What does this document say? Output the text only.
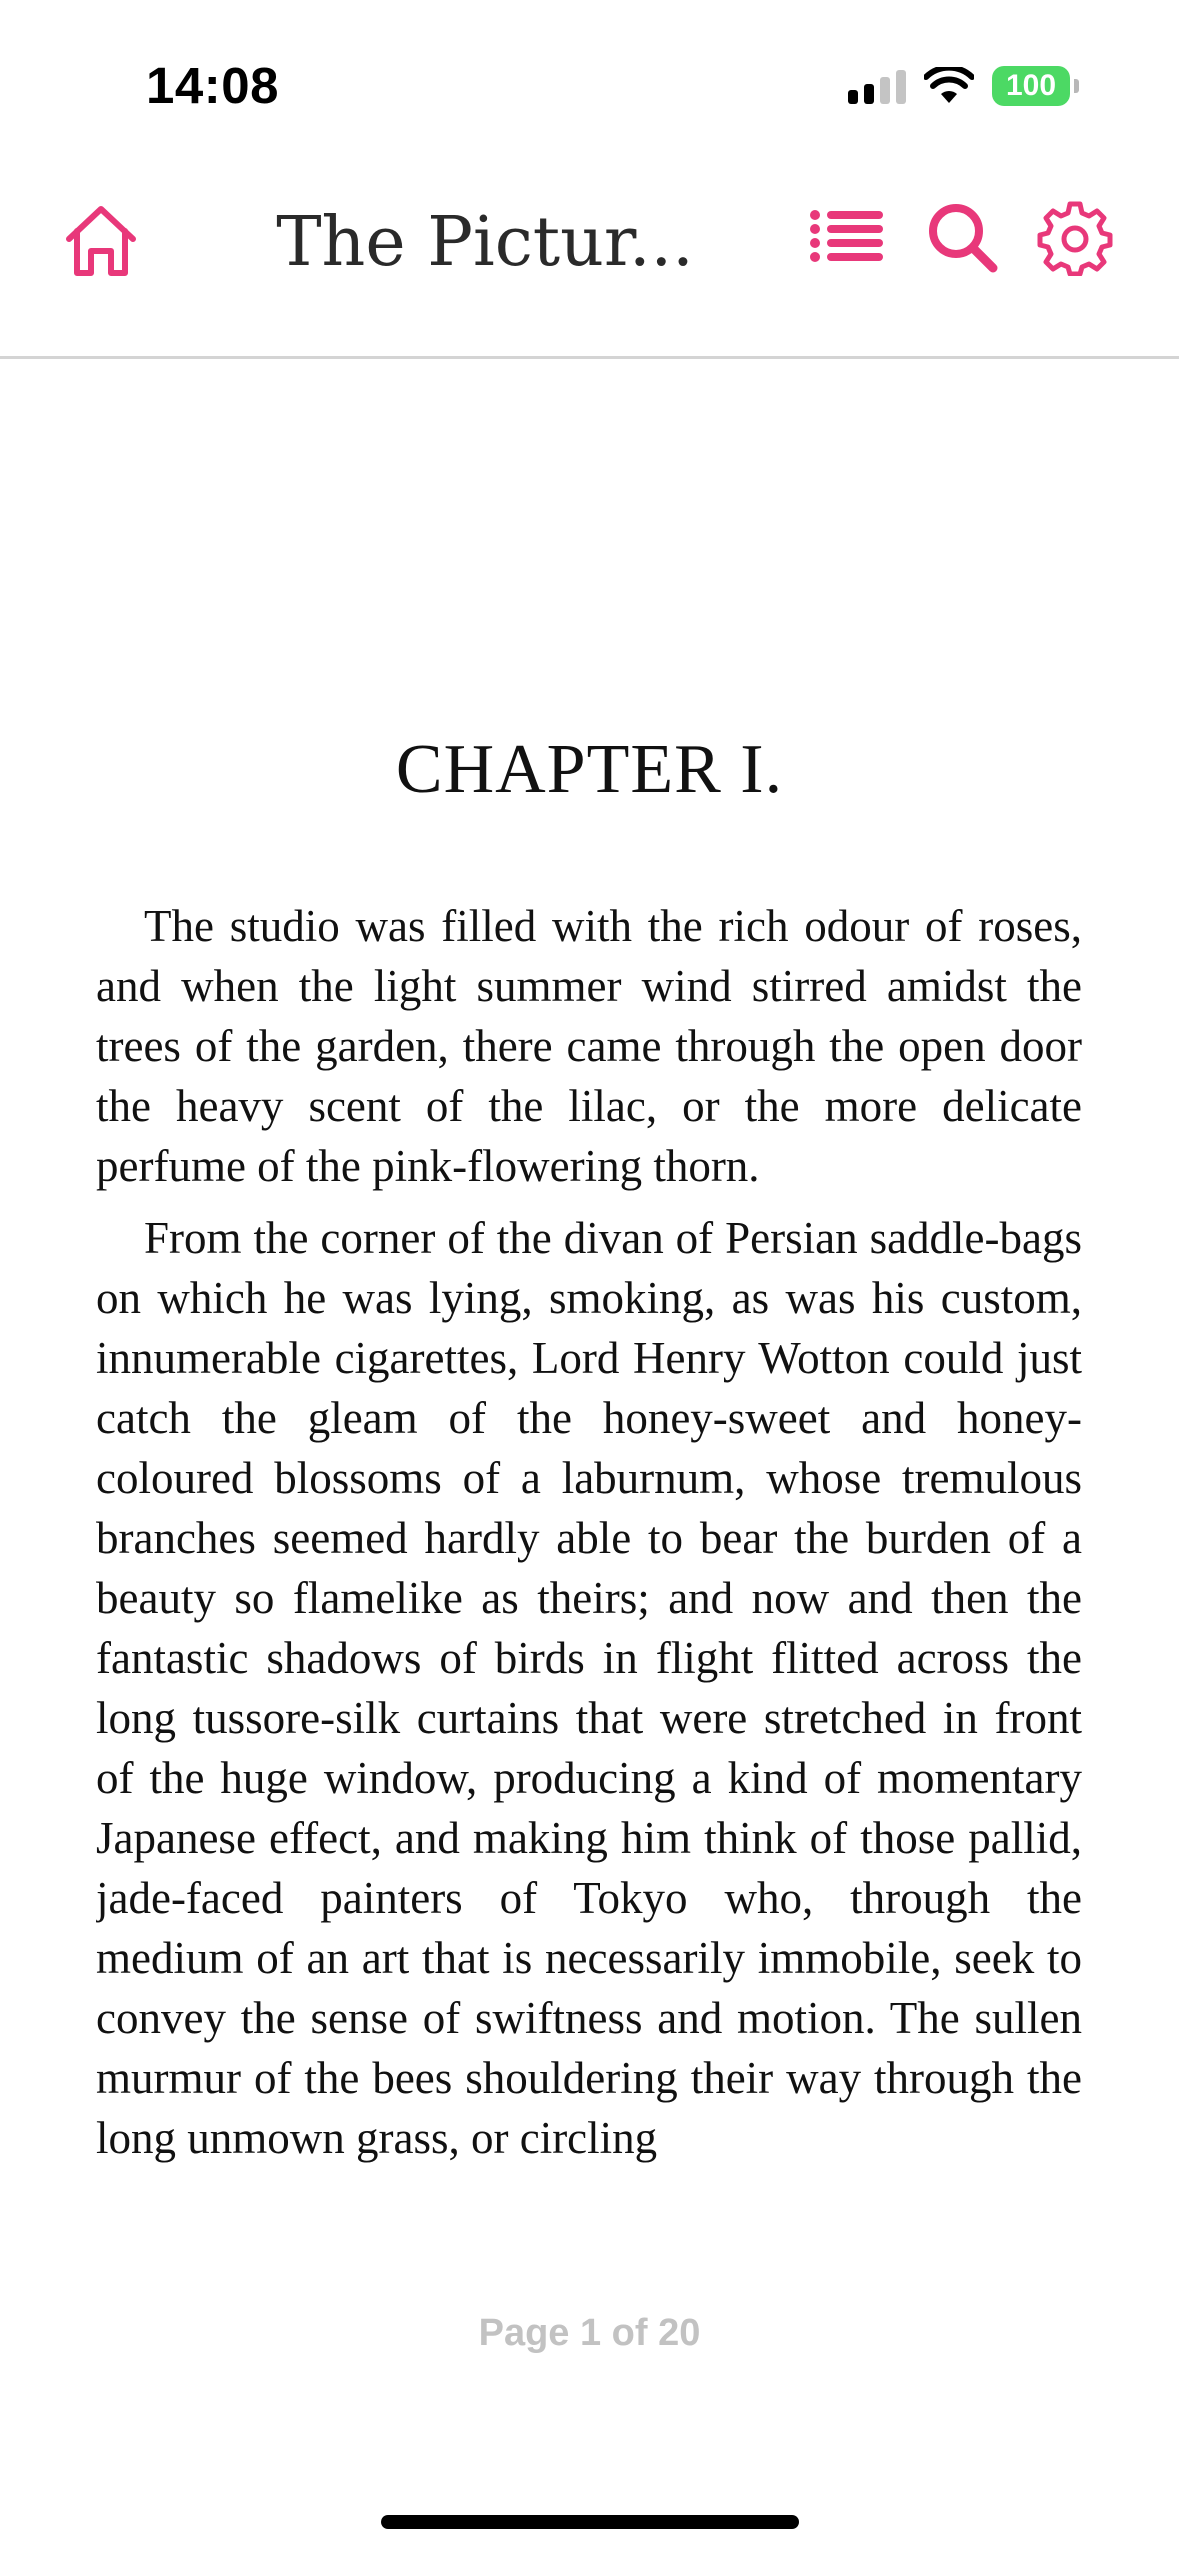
14:08	100
The Pictur...
CHAPTER I.

The studio was filled with the rich odour of roses, and when the light summer wind stirred amidst the trees of the garden, there came through the open door the heavy scent of the lilac, or the more delicate perfume of the pink-flowering thorn.

From the corner of the divan of Persian saddle-bags on which he was lying, smoking, as was his custom, innumerable cigarettes, Lord Henry Wotton could just catch the gleam of the honey-sweet and honey-coloured blossoms of a laburnum, whose tremulous branches seemed hardly able to bear the burden of a beauty so flamelike as theirs; and now and then the fantastic shadows of birds in flight flitted across the long tussore-silk curtains that were stretched in front of the huge window, producing a kind of momentary Japanese effect, and making him think of those pallid, jade-faced painters of Tokyo who, through the medium of an art that is necessarily immobile, seek to convey the sense of swiftness and motion. The sullen murmur of the bees shouldering their way through the long unmown grass, or circling

Page 1 of 20
